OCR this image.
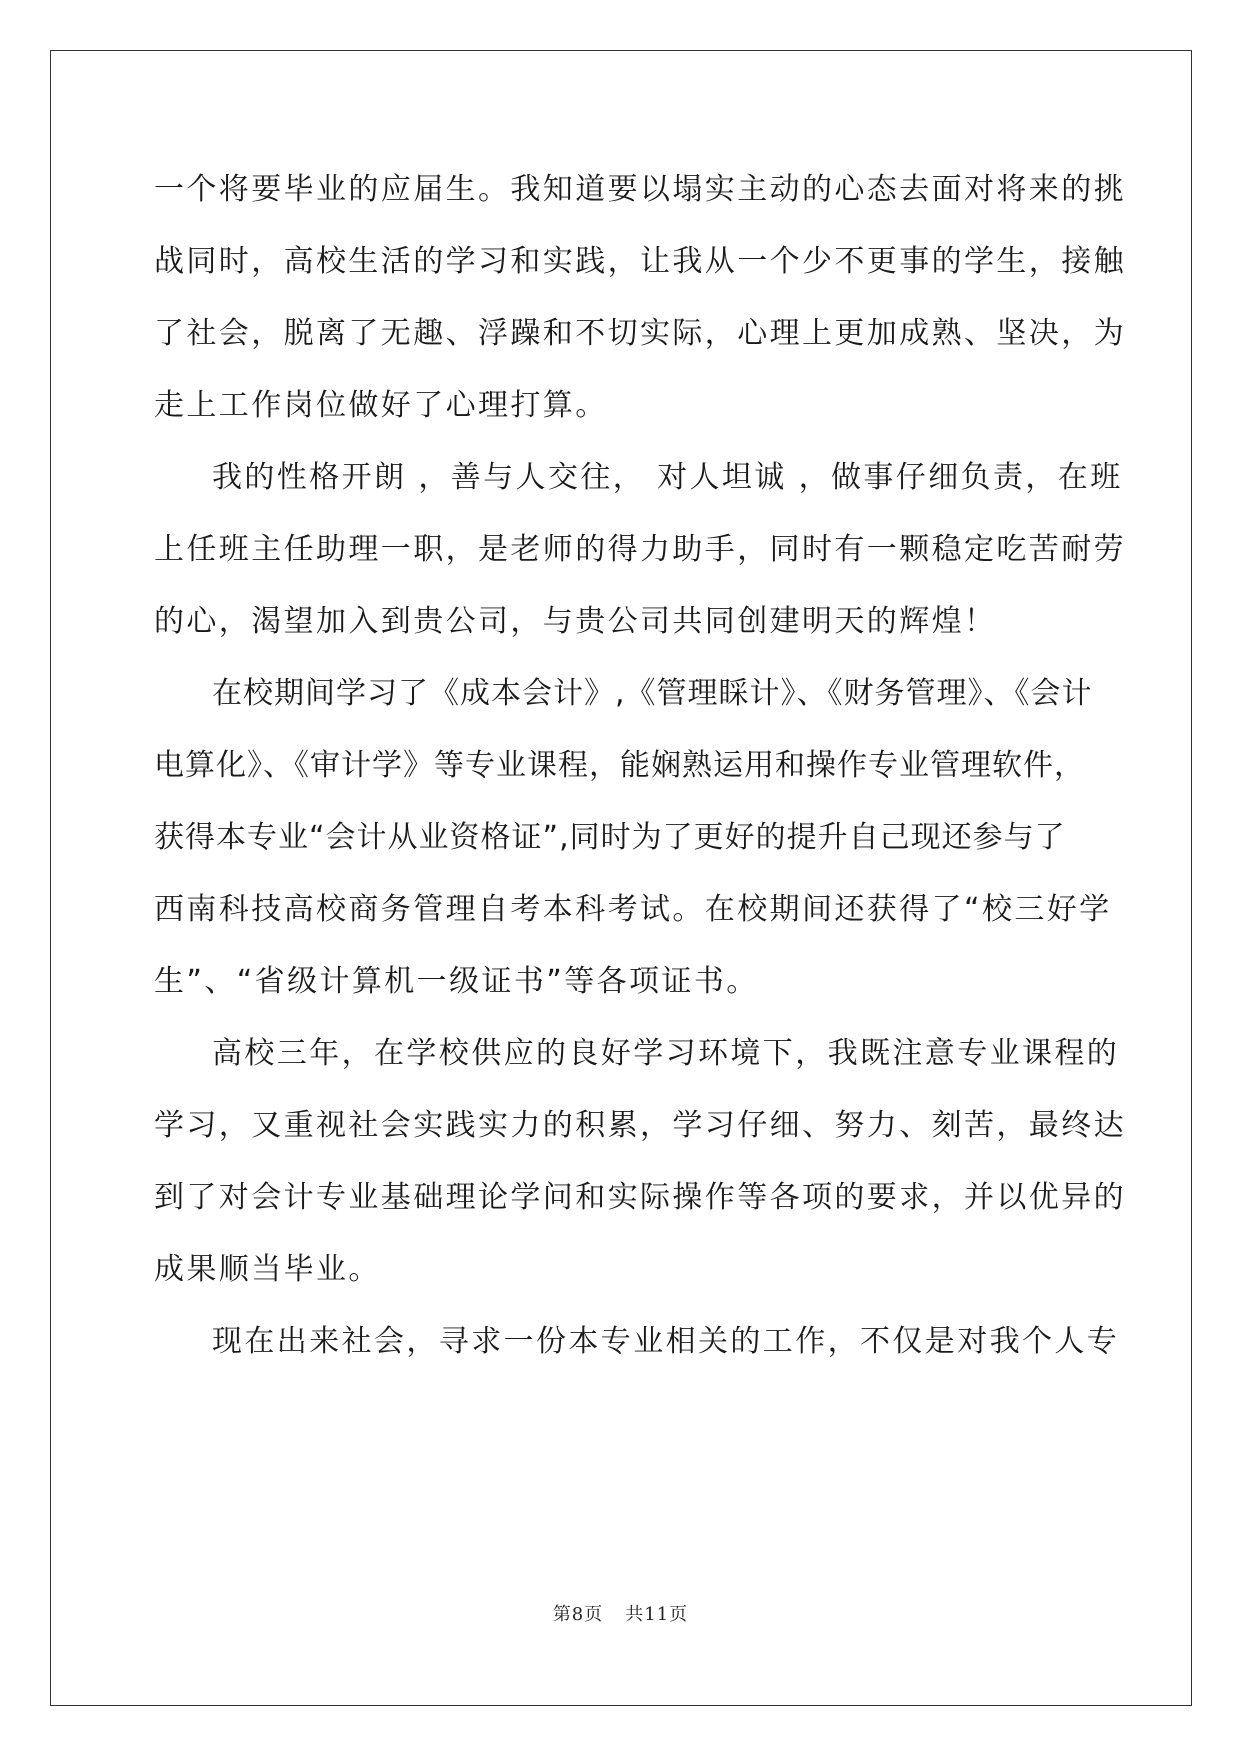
一个将要毕业的应届生。我知道要以塌实主动的心态去面对将来的挑
战同时，高校生活的学习和实践，让我从一个少不更事的学生，接触
了社会，脱离了无趣、浮躁和不切实际，心理上更加成熟、坚决，为
走上工作岗位做好了心理打算。
我的性格开朗 ，善与人交往， 对人坦诚 ，做事仔细负责，在班
上任班主任助理一职，是老师的得力助手，同时有一颗稳定吃苦耐劳
的心，渴望加入到贵公司，与贵公司共同创建明天的辉煌！
在校期间学习了《成本会计》,《管理睬计》、《财务管理》、《会计
电算化》、《审计学》等专业课程，能娴熟运用和操作专业管理软件，
获得本专业“会计从业资格证”,同时为了更好的提升自己现还参与了
西南科技高校商务管理自考本科考试。在校期间还获得了“校三好学
生”、“省级计算机一级证书”等各项证书。
高校三年，在学校供应的良好学习环境下，我既注意专业课程的
学习，又重视社会实践实力的积累，学习仔细、努力、刻苦，最终达
到了对会计专业基础理论学问和实际操作等各项的要求，并以优异的
成果顺当毕业。
现在出来社会，寻求一份本专业相关的工作，不仅是对我个人专
第8页 共11页
